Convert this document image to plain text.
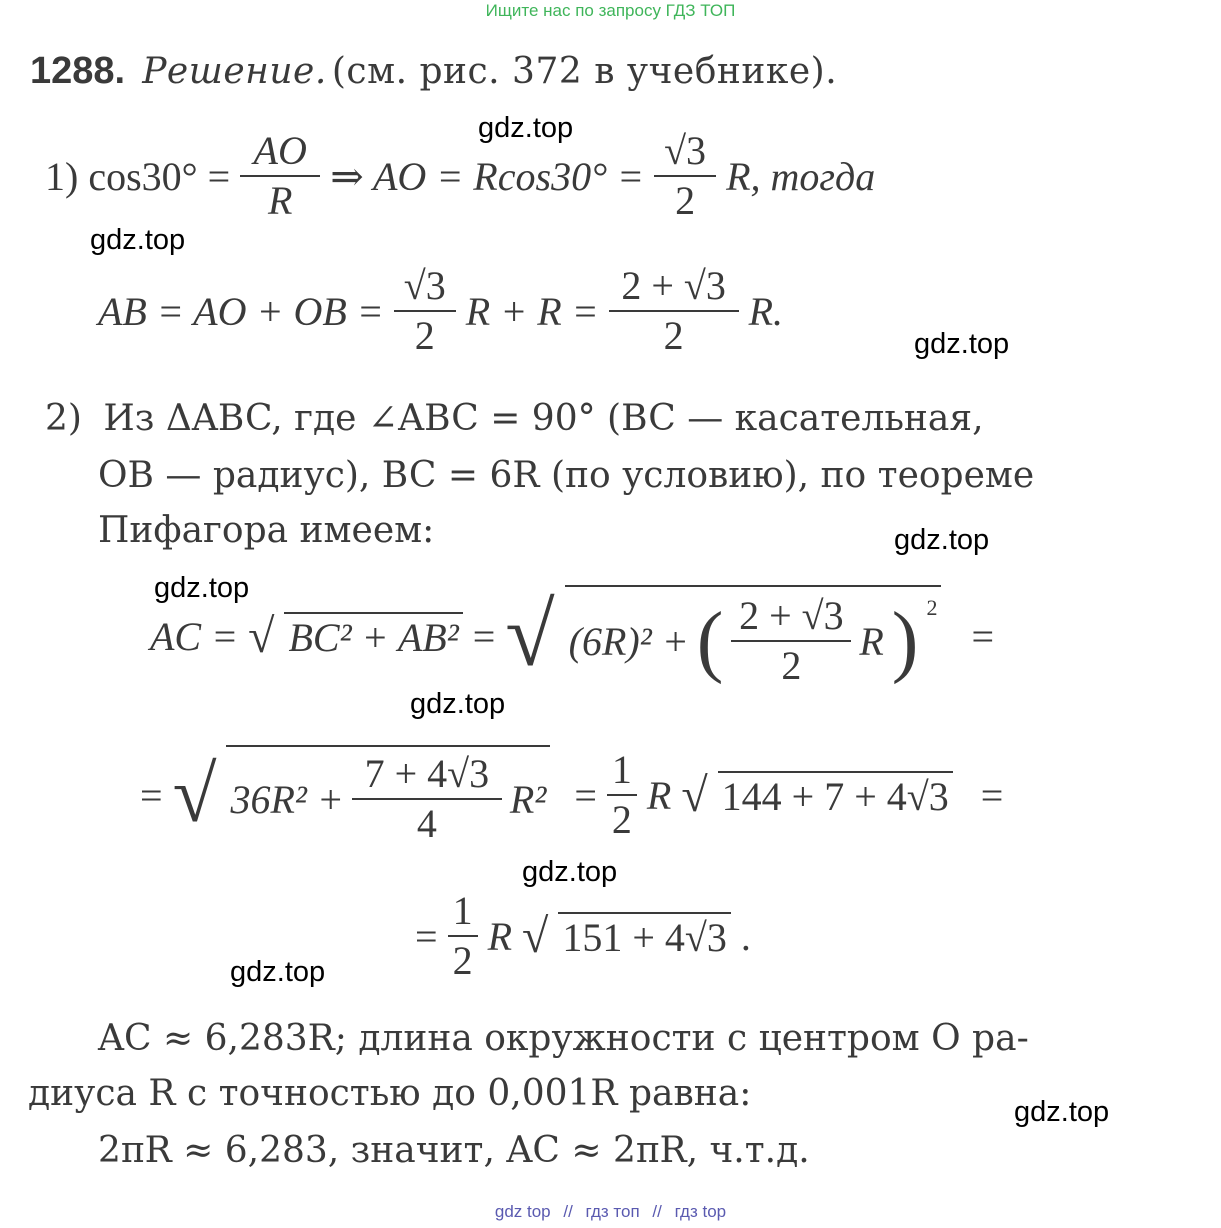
Ищите нас по запросу ГДЗ ТОП
1288. Решение. (см. рис. 372 в учебнике).
1) $\cos 30^\circ = \frac{AO}{R}$ ⇒ AO = $Rcos30^\circ = \frac{√3}{2} R$, тогда
AB = AO + OB = $\frac{√3}{2}$ $R + R = \frac{2 + √3}{2} R$.
2) Из ΔABC, где ∠ABC = 90° (BC — касательная,
OB — радиус), BC = 6R (по условию), по теореме
Пифагора имеем:
AC = √ BC² + AB² = √ (6R)² + ( $\frac{2 + √3}{2}$ R ) $^2$
=
= √ $36R^2 + \frac{7 + 4√3}{4} R^2 = \frac{1}{2}$ R √ 144 + 7 + 4√3 =
= $\frac{1}{2}$ R √ 151 + 4√3 .
AC ≈ 6,283R; длина окружности с центром O ра-
диуса R с точностью до 0,001R равна:
2πR ≈ 6,283, значит, AC ≈ 2πR, ч.т.д.
gdz.top
gdz.top
gdz.top
gdz.top
gdz.top
gdz.top
gdz.top
gdz.top
gdz.top
gdz top // гдз топ // гдз top
